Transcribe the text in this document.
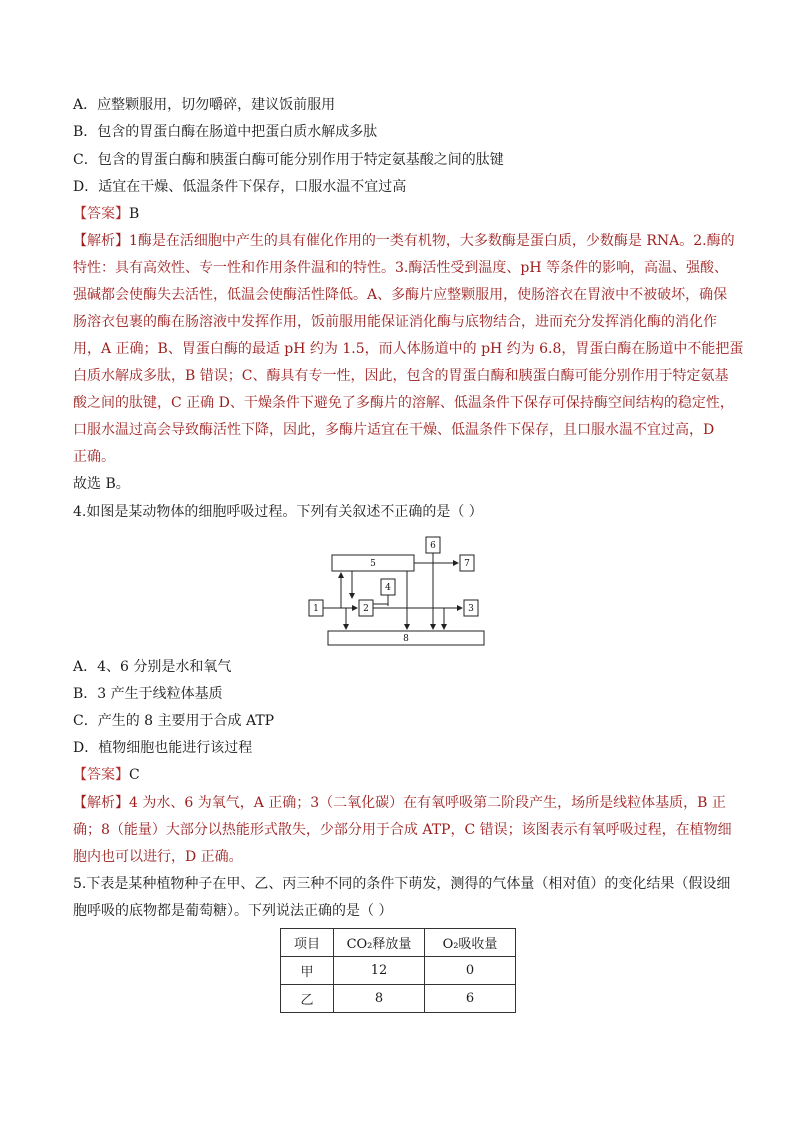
A．应整颗服用，切勿嚼碎，建议饭前服用
B．包含的胃蛋白酶在肠道中把蛋白质水解成多肽
C．包含的胃蛋白酶和胰蛋白酶可能分别作用于特定氨基酸之间的肽键
D．适宜在干燥、低温条件下保存，口服水温不宜过高
【答案】B
【解析】1酶是在活细胞中产生的具有催化作用的一类有机物，大多数酶是蛋白质，少数酶是 RNA。2.酶的
特性：具有高效性、专一性和作用条件温和的特性。3.酶活性受到温度、pH 等条件的影响，高温、强酸、
强碱都会使酶失去活性，低温会使酶活性降低。A、多酶片应整颗服用，使肠溶衣在胃液中不被破坏，确保
肠溶衣包裹的酶在肠溶液中发挥作用，饭前服用能保证消化酶与底物结合，进而充分发挥消化酶的消化作
用，A 正确；B、胃蛋白酶的最适 pH 约为 1.5，而人体肠道中的 pH 约为 6.8，胃蛋白酶在肠道中不能把蛋
白质水解成多肽，B 错误；C、酶具有专一性，因此，包含的胃蛋白酶和胰蛋白酶可能分别作用于特定氨基
酸之间的肽键，C 正确 D、干燥条件下避免了多酶片的溶解、低温条件下保存可保持酶空间结构的稳定性，
口服水温过高会导致酶活性下降，因此，多酶片适宜在干燥、低温条件下保存，且口服水温不宜过高，D
正确。
故选 B。
4.如图是某动物体的细胞呼吸过程。下列有关叙述不正确的是（ ）
5
6
7
4
1	2	3
8
A．4、6 分别是水和氧气
B．3 产生于线粒体基质
C．产生的 8 主要用于合成 ATP
D．植物细胞也能进行该过程
【答案】C
【解析】4 为水、6 为氧气，A 正确；3（二氧化碳）在有氧呼吸第二阶段产生，场所是线粒体基质，B 正
确；8（能量）大部分以热能形式散失，少部分用于合成 ATP，C 错误；该图表示有氧呼吸过程，在植物细
胞内也可以进行，D 正确。
5.下表是某种植物种子在甲、乙、丙三种不同的条件下萌发，测得的气体量（相对值）的变化结果（假设细
胞呼吸的底物都是葡萄糖）。下列说法正确的是（ ）
项目	CO₂释放量	O₂吸收量
甲	12	0
乙	8	6
